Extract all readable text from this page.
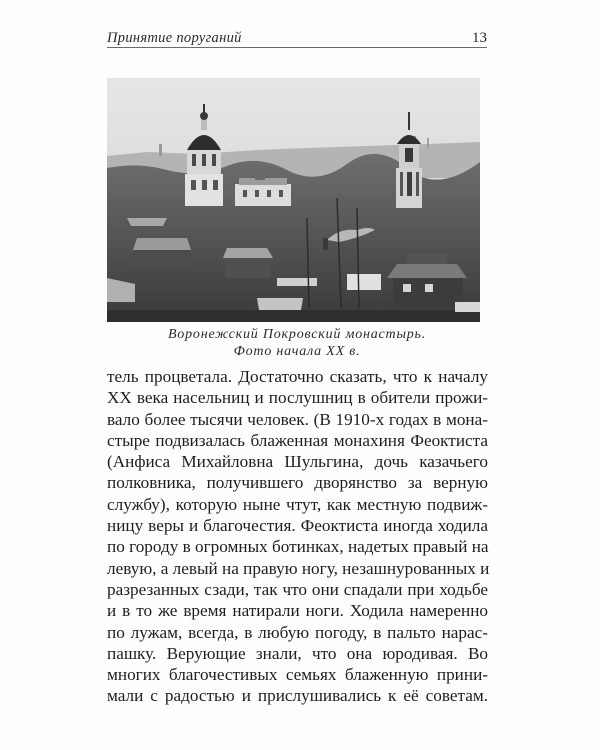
Принятие поруганий	13
Воронежский Покровский монастырь.
Фото начала XX в.
тель процветала. Достаточно сказать, что к началу
XX века насельниц и послушниц в обители прожи-
вало более тысячи человек. (В 1910-х годах в мона-
стыре подвизалась блаженная монахиня Феоктиста
(Анфиса Михайловна Шульгина, дочь казачьего
полковника, получившего дворянство за верную
службу), которую ныне чтут, как местную подвиж-
ницу веры и благочестия. Феоктиста иногда ходила
по городу в огромных ботинках, надетых правый на
левую, а левый на правую ногу, незашнурованных и
разрезанных сзади, так что они спадали при ходьбе
и в то же время натирали ноги. Ходила намеренно
по лужам, всегда, в любую погоду, в пальто нарас-
пашку. Верующие знали, что она юродивая. Во
многих благочестивых семьях блаженную прини-
мали с радостью и прислушивались к её советам.
